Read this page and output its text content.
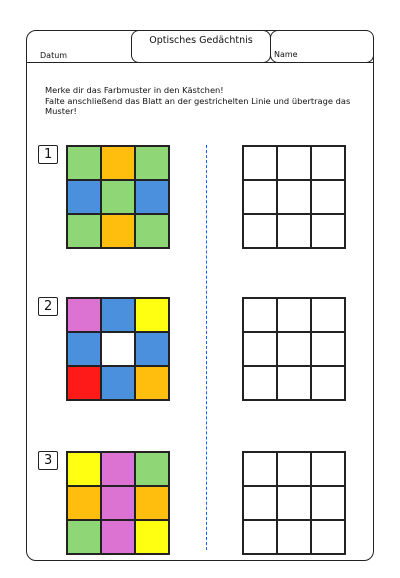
Datum
Optisches Gedächtnis
Name
Merke dir das Farbmuster in den Kästchen!
Falte anschließend das Blatt an der gestrichelten Linie und übertrage das Muster!
1
2
3
